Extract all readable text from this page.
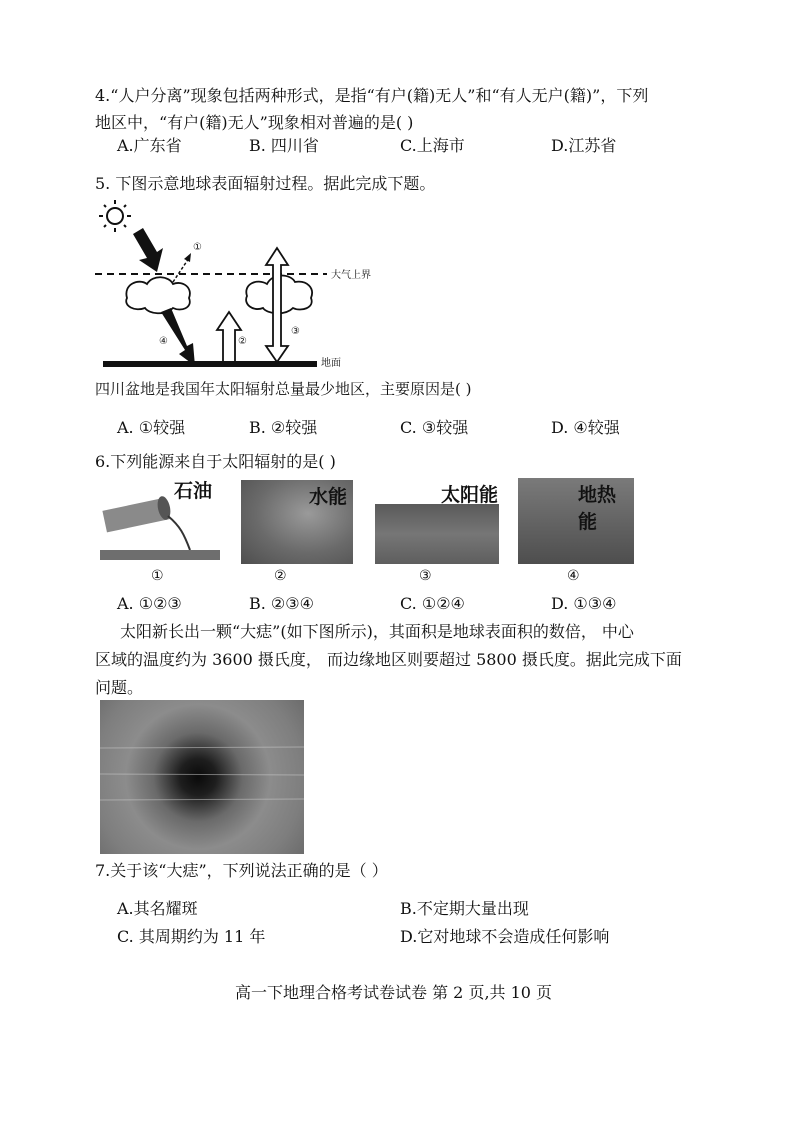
4.“人户分离”现象包括两种形式，是指“有户(籍)无人”和“有人无户(籍)”，下列
地区中，“有户(籍)无人”现象相对普遍的是( )
A.广东省	B. 四川省	C.上海市	D.江苏省
5. 下图示意地球表面辐射过程。据此完成下题。
①
大气上界
②
③
④
地面
四川盆地是我国年太阳辐射总量最少地区，主要原因是( )
A. ①较强	B. ②较强	C. ③较强	D. ④较强
6.下列能源来自于太阳辐射的是( )
石油
①
水能
②
太阳能
③
地热能
④
A. ①②③	B. ②③④	C. ①②④	D. ①③④
太阳新长出一颗“大痣”(如下图所示)，其面积是地球表面积的数倍， 中心
区域的温度约为 3600 摄氏度， 而边缘地区则要超过 5800 摄氏度。据此完成下面
问题。
7.关于该“大痣”，下列说法正确的是（ ）
A.其名耀斑	B.不定期大量出现
C. 其周期约为 11 年	D.它对地球不会造成任何影响
高一下地理合格考试卷试卷 第 2 页,共 10 页
